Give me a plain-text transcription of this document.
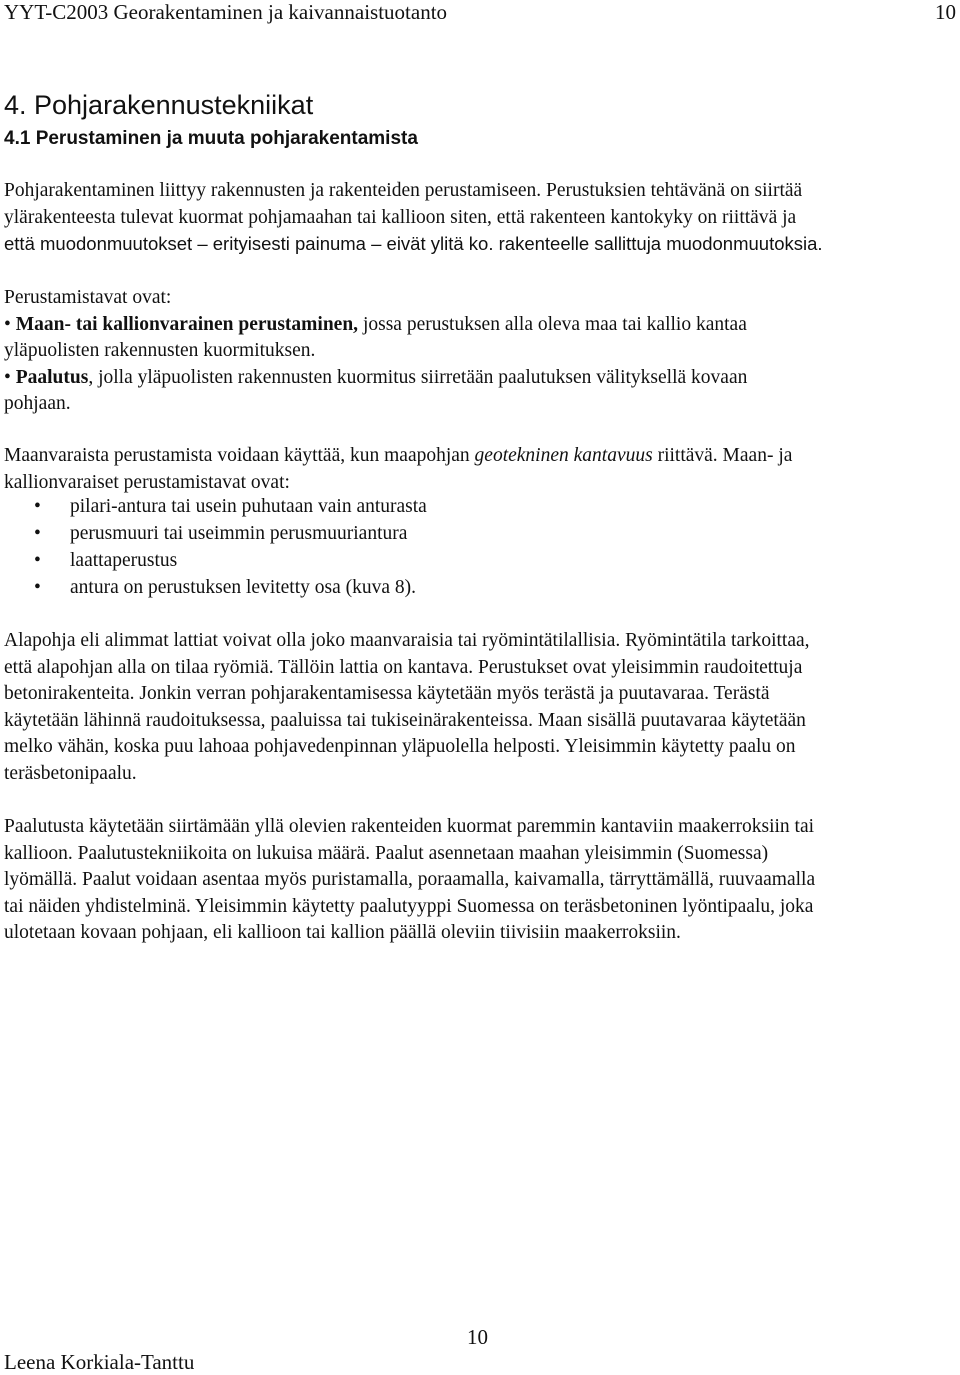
YYT-C2003 Georakentaminen ja kaivannaistuotanto	10
4. Pohjarakennustekniikat
4.1 Perustaminen ja muuta pohjarakentamista
Pohjarakentaminen liittyy rakennusten ja rakenteiden perustamiseen. Perustuksien tehtävänä on siirtää
ylärakenteesta tulevat kuormat pohjamaahan tai kallioon siten, että rakenteen kantokyky on riittävä ja
että muodonmuutokset – erityisesti painuma – eivät ylitä ko. rakenteelle sallittuja muodonmuutoksia.
Perustamistavat ovat:
• Maan- tai kallionvarainen perustaminen, jossa perustuksen alla oleva maa tai kallio kantaa
yläpuolisten rakennusten kuormituksen.
• Paalutus, jolla yläpuolisten rakennusten kuormitus siirretään paalutuksen välityksellä kovaan
pohjaan.
Maanvaraista perustamista voidaan käyttää, kun maapohjan geotekninen kantavuus riittävä. Maan- ja
kallionvaraiset perustamistavat ovat:
• pilari-antura tai usein puhutaan vain anturasta
• perusmuuri tai useimmin perusmuuriantura
• laattaperustus
• antura on perustuksen levitetty osa (kuva 8).
Alapohja eli alimmat lattiat voivat olla joko maanvaraisia tai ryömintätilallisia. Ryömintätila tarkoittaa,
että alapohjan alla on tilaa ryömiä. Tällöin lattia on kantava. Perustukset ovat yleisimmin raudoitettuja
betonirakenteita. Jonkin verran pohjarakentamisessa käytetään myös terästä ja puutavaraa. Terästä
käytetään lähinnä raudoituksessa, paaluissa tai tukiseinärakenteissa. Maan sisällä puutavaraa käytetään
melko vähän, koska puu lahoaa pohjavedenpinnan yläpuolella helposti. Yleisimmin käytetty paalu on
teräsbetonipaalu.
Paalutusta käytetään siirtämään yllä olevien rakenteiden kuormat paremmin kantaviin maakerroksiin tai
kallioon. Paalutustekniikoita on lukuisa määrä. Paalut asennetaan maahan yleisimmin (Suomessa)
lyömällä. Paalut voidaan asentaa myös puristamalla, poraamalla, kaivamalla, tärryttämällä, ruuvaamalla
tai näiden yhdistelminä. Yleisimmin käytetty paalutyyppi Suomessa on teräsbetoninen lyöntipaalu, joka
ulotetaan kovaan pohjaan, eli kallioon tai kallion päällä oleviin tiivisiin maakerroksiin.
10
Leena Korkiala-Tanttu
